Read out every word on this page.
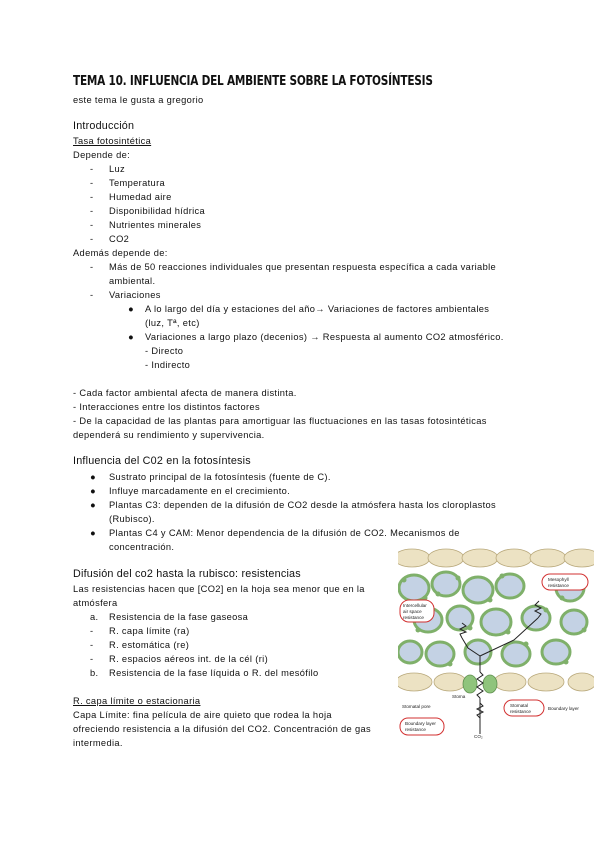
TEMA 10. INFLUENCIA DEL AMBIENTE SOBRE LA FOTOSÍNTESIS
este tema le gusta a gregorio
Introducción
Tasa fotosintética
Depende de:
- Luz
- Temperatura
- Humedad aire
- Disponibilidad hídrica
- Nutrientes minerales
- CO2
Además depende de:
- Más de 50 reacciones individuales que presentan respuesta específica a cada variable
ambiental.
- Variaciones
● A lo largo del día y estaciones del año→ Variaciones de factores ambientales
(luz, Tª, etc)
● Variaciones a largo plazo (decenios) → Respuesta al aumento CO2 atmosférico.
- Directo
- Indirecto
- Cada factor ambiental afecta de manera distinta.
- Interacciones entre los distintos factores
- De la capacidad de las plantas para amortiguar las fluctuaciones en las tasas fotosintéticas
dependerá su rendimiento y supervivencia.
Influencia del C02 en la fotosíntesis
● Sustrato principal de la fotosíntesis (fuente de C).
● Influye marcadamente en el crecimiento.
● Plantas C3: dependen de la difusión de CO2 desde la atmósfera hasta los cloroplastos
(Rubisco).
● Plantas C4 y CAM: Menor dependencia de la difusión de CO2. Mecanismos de
concentración.
Difusión del co2 hasta la rubisco: resistencias
Las resistencias hacen que [CO2] en la hoja sea menor que en la
atmósfera
a. Resistencia de la fase gaseosa
- R. capa límite (ra)
- R. estomática (re)
- R. espacios aéreos int. de la cél (ri)
b. Resistencia de la fase líquida o R. del mesófilo
R. capa límite o estacionaria
Capa Límite: fina película de aire quieto que rodea la hoja
ofreciendo resistencia a la difusión del CO2. Concentración de gas
intermedia.
Mesophyll
resistance
Intercellular
air space
resistance
Stomatal
resistance
Boundary layer
resistance
Stoma
Stomatal pore	Boundary layer
CO₂
